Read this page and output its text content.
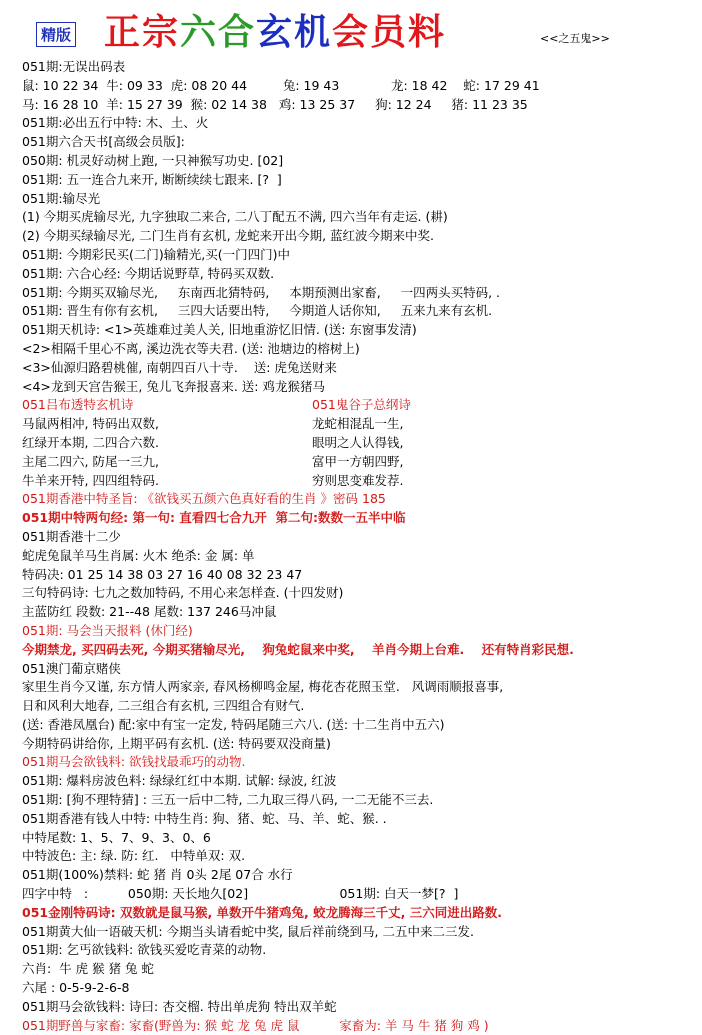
精版 正宗六合玄机会员料	<<之五鬼>>
051期:无误出码表
鼠: 10 22 34  牛: 09 33  虎: 08 20 44         兔: 19 43             龙: 18 42    蛇: 17 29 41
马: 16 28 10  羊: 15 27 39  猴: 02 14 38   鸡: 13 25 37     狗: 12 24     猪: 11 23 35
051期:必出五行中特: 木、土、火
051期六合天书[高级会员版]:
050期: 机灵好动树上跑, 一只神猴写功史. [02]
051期: 五一连合九来开, 断断续续七跟来. [?  ]
051期:输尽光
(1) 今期买虎输尽光, 九字独取二来合, 二八丁配五不满, 四六当年有走运. (耕)
(2) 今期买绿输尽光, 二门生肖有玄机, 龙蛇来开出今期, 蓝红波今期来中奖.
051期: 今期彩民买(二门)输精光,买(一门四门)中
051期: 六合心经: 今期话说野草, 特码买双数.
051期: 今期买双输尽光,     东南西北猜特码,     本期预测出家畜,     一四两头买特码, .
051期: 晋生有你有玄机,     三四大话要出特,     今期道人话你知,     五来九来有玄机.
051期天机诗: <1>英雄难过美人关, 旧地重游忆旧情. (送: 东窗事发清)
<2>相隔千里心不离, 溪边洗衣等夫君. (送: 池塘边的榕树上)
<3>仙源归路碧桃催, 南朝四百八十寺.    送: 虎兔送财来
<4>龙到天宫告猴王, 兔儿飞奔报喜来. 送: 鸡龙猴猪马
051吕布透特玄机诗	051鬼谷子总纲诗
马鼠两相冲, 特码出双数,	龙蛇相混乱一生,
红绿开本期, 二四合六数.	眼明之人认得钱,
主尾二四六, 防尾一三九,	富甲一方朝四野,
牛羊来开特, 四四组特码.	穷则思变难发荐.
051期香港中特圣旨: 《欲钱买五颜六色真好看的生肖 》密码 185
051期中特两句经: 第一句: 直看四七合九开  第二句:数数一五半中临
051期香港十二少
蛇虎兔鼠羊马生肖属: 火木 绝杀: 金 属: 单
特码决: 01 25 14 38 03 27 16 40 08 32 23 47
三句特码诗: 七九之数加特码, 不用心来怎样查. (十四发财)
主蓝防红 段数: 21--48 尾数: 137 246马冲鼠
051期: 马会当天报料 (休门经)
今期禁龙, 买四码去死, 今期买猪输尽光,    狗兔蛇鼠来中奖,    羊肖今期上台难.    还有特肖彩民想.
051澳门葡京赌侠
家里生肖今又谨, 东方情人两家亲, 春风杨柳鸣金屋, 梅花杏花照玉堂.   风调雨顺报喜事,
日和风利大地春, 二三组合有玄机, 三四组合有财气.
(送: 香港凤凰台) 配:家中有宝一定发, 特码尾随三六八. (送: 十二生肖中五六)
今期特码讲给你, 上期平码有玄机. (送: 特码要双没商量)
051期马会欲钱料: 欲钱找最乖巧的动物.
051期: 爆料房波色料: 绿绿红红中本期. 试解: 绿波, 红波
051期: [狗不理特猜] : 三五一后中二特, 二九取三得八码, 一二无能不三去.
051期香港有钱人中特: 中特生肖: 狗、猪、蛇、马、羊、蛇、猴. .
中特尾数: 1、5、7、9、3、0、6
中特波色: 主: 绿. 防: 红.   中特单双: 双.
051期(100%)禁料: 蛇 猪 肖 0头 2尾 07合 水行
四字中特   :          050期: 天长地久[02]                       051期: 白天一梦[?  ]
051金刚特码诗: 双数就是鼠马猴, 单数开牛猪鸡兔, 蛟龙腾海三千丈, 三六同进出路数.
051期黄大仙一语破天机: 今期当头请看蛇中奖, 鼠后祥前绕到马, 二五中来二三发.
051期: 乞丐欲钱料: 欲钱买爱吃青菜的动物.
六肖:  牛 虎 猴 猪 兔 蛇
六尾 : 0-5-9-2-6-8
051期马会欲钱料: 诗曰: 杏交榴. 特出单虎狗 特出双羊蛇
051期野兽与家畜: 家畜(野兽为: 猴 蛇 龙 兔 虎 鼠          家畜为: 羊 马 牛 猪 狗 鸡 )
